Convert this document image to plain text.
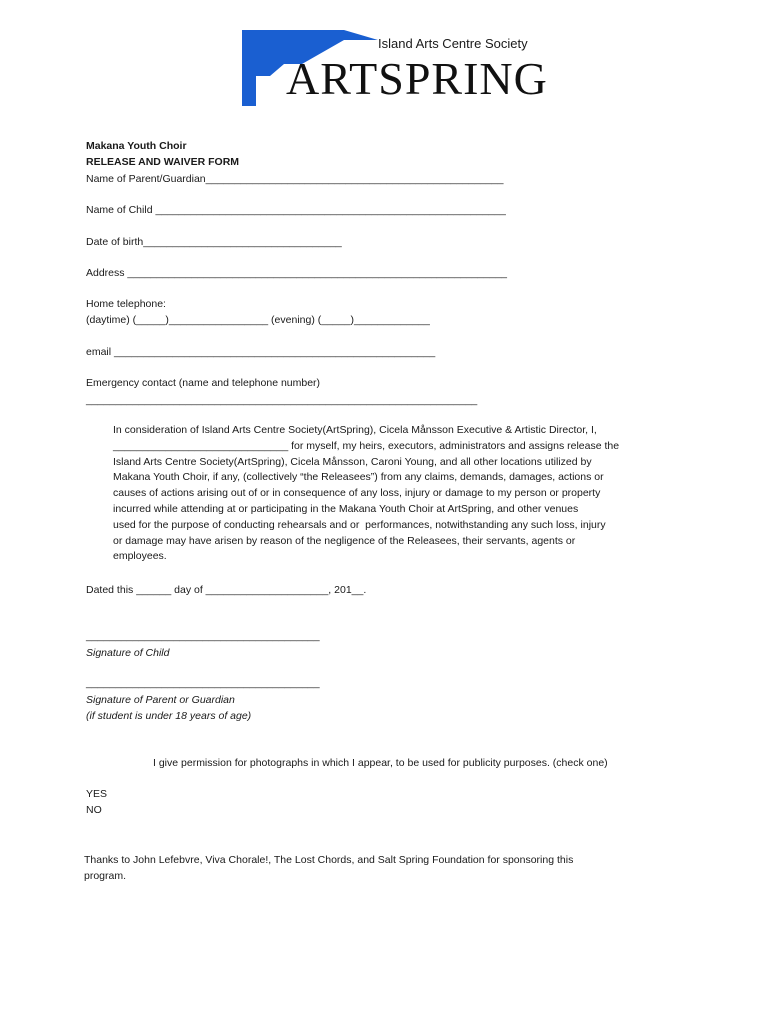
Island Arts Centre Society
ARTSPRING
Makana Youth Choir
RELEASE AND WAIVER FORM
Name of Parent/Guardian___________________________________________________
Name of Child ____________________________________________________________
Date of birth__________________________________
Address _________________________________________________________________
Home telephone:
(daytime) (_____)_________________ (evening) (_____)_____________
email _______________________________________________________
Emergency contact (name and telephone number)
___________________________________________________________________
In consideration of Island Arts Centre Society(ArtSpring), Cicela Månsson Executive & Artistic Director, I,
______________________________ for myself, my heirs, executors, administrators and assigns release the
Island Arts Centre Society(ArtSpring), Cicela Månsson, Caroni Young, and all other locations utilized by
Makana Youth Choir, if any, (collectively “the Releasees”) from any claims, demands, damages, actions or
causes of actions arising out of or in consequence of any loss, injury or damage to my person or property
incurred while attending at or participating in the Makana Youth Choir at ArtSpring, and other venues
used for the purpose of conducting rehearsals and or  performances, notwithstanding any such loss, injury
or damage may have arisen by reason of the negligence of the Releasees, their servants, agents or
employees.
Dated this ______ day of _____________________, 201__.
________________________________________
Signature of Child
________________________________________
Signature of Parent or Guardian
(if student is under 18 years of age)
I give permission for photographs in which I appear, to be used for publicity purposes. (check one)
YES
NO
Thanks to John Lefebvre, Viva Chorale!, The Lost Chords, and Salt Spring Foundation for sponsoring this
program.
